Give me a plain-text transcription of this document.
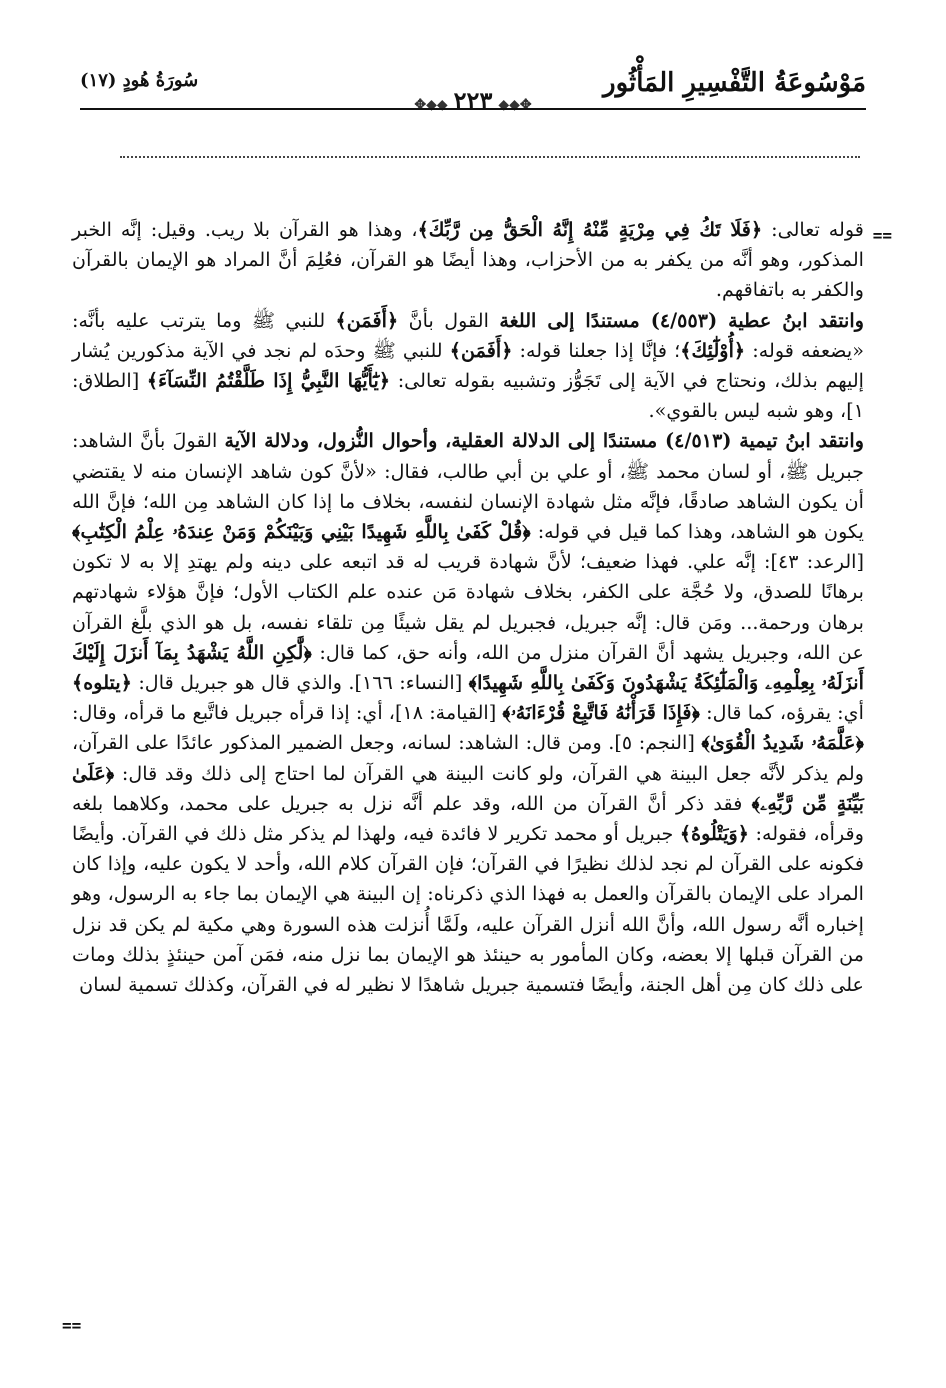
مَوْسُوعَةُ التَّفْسِيرِ المَأْثُور
✥◆◆٢٢٣◆◆✥
سُورَةُ هُودٍ (١٧)
==

قوله تعالى: ﴿فَلَا تَكُ فِي مِرْيَةٍ مِّنْهُ إِنَّهُ الْحَقُّ مِن رَّبِّكَ﴾، وهذا هو القرآن بلا ريب. وقيل: إنَّه الخبر المذكور، وهو أنَّه من يكفر به من الأحزاب، وهذا أيضًا هو القرآن، فعُلِمَ أنَّ المراد هو الإيمان بالقرآن والكفر به باتفاقهم.

وانتقد ابنُ عطية (٤/٥٥٣) مستندًا إلى اللغة القول بأنَّ ﴿أَفَمَن﴾ للنبي ﷺ وما يترتب عليه بأنَّه: «يضعفه قوله: ﴿أُوْلَٰٓئِكَ﴾؛ فإنَّا إذا جعلنا قوله: ﴿أَفَمَن﴾ للنبي ﷺ وحدَه لم نجد في الآية مذكورين يُشار إليهم بذلك، ونحتاج في الآية إلى تَجَوُّز وتشبيه بقوله تعالى: ﴿يَٰٓأَيُّهَا النَّبِيُّ إِذَا طَلَّقْتُمُ النِّسَآءَ﴾ [الطلاق: ١]، وهو شبه ليس بالقوي».

وانتقد ابنُ تيمية (٤/٥١٣) مستندًا إلى الدلالة العقلية، وأحوال النُّزول، ودلالة الآية القولَ بأنَّ الشاهد: جبريل ﷺ، أو لسان محمد ﷺ، أو علي بن أبي طالب، فقال: «لأنَّ كون شاهد الإنسان منه لا يقتضي أن يكون الشاهد صادقًا، فإنَّه مثل شهادة الإنسان لنفسه، بخلاف ما إذا كان الشاهد مِن الله؛ فإنَّ الله يكون هو الشاهد، وهذا كما قيل في قوله: ﴿قُلْ كَفَىٰ بِاللَّهِ شَهِيدًا بَيْنِي وَبَيْنَكُمْ وَمَنْ عِندَهُۥ عِلْمُ الْكِتَٰبِ﴾ [الرعد: ٤٣]: إنَّه علي. فهذا ضعيف؛ لأنَّ شهادة قريب له قد اتبعه على دينه ولم يهتدِ إلا به لا تكون برهانًا للصدق، ولا حُجَّة على الكفر، بخلاف شهادة مَن عنده علم الكتاب الأول؛ فإنَّ هؤلاء شهادتهم برهان ورحمة... ومَن قال: إنَّه جبريل، فجبريل لم يقل شيئًا مِن تلقاء نفسه، بل هو الذي بلَّغ القرآن عن الله، وجبريل يشهد أنَّ القرآن منزل من الله، وأنه حق، كما قال: ﴿لَّٰكِنِ اللَّهُ يَشْهَدُ بِمَآ أَنزَلَ إِلَيْكَ أَنزَلَهُۥ بِعِلْمِهِۦ وَالْمَلَٰٓئِكَةُ يَشْهَدُونَ وَكَفَىٰ بِاللَّهِ شَهِيدًا﴾ [النساء: ١٦٦]. والذي قال هو جبريل قال: ﴿يتلوه﴾ أي: يقرؤه، كما قال: ﴿فَإِذَا قَرَأْنَٰهُ فَاتَّبِعْ قُرْءَانَهُۥ﴾ [القيامة: ١٨]، أي: إذا قرأه جبريل فاتَّبع ما قرأه، وقال: ﴿عَلَّمَهُۥ شَدِيدُ الْقُوَىٰ﴾ [النجم: ٥]. ومن قال: الشاهد: لسانه، وجعل الضمير المذكور عائدًا على القرآن، ولم يذكر لأنَّه جعل البينة هي القرآن، ولو كانت البينة هي القرآن لما احتاج إلى ذلك وقد قال: ﴿عَلَىٰ بَيِّنَةٍ مِّن رَّبِّهِۦ﴾ فقد ذكر أنَّ القرآن من الله، وقد علم أنَّه نزل به جبريل على محمد، وكلاهما بلغه وقرأه، فقوله: ﴿وَيَتْلُوهُ﴾ جبريل أو محمد تكرير لا فائدة فيه، ولهذا لم يذكر مثل ذلك في القرآن. وأيضًا فكونه على القرآن لم نجد لذلك نظيرًا في القرآن؛ فإن القرآن كلام الله، وأحد لا يكون عليه، وإذا كان المراد على الإيمان بالقرآن والعمل به فهذا الذي ذكرناه: إن البينة هي الإيمان بما جاء به الرسول، وهو إخباره أنَّه رسول الله، وأنَّ الله أنزل القرآن عليه، ولَمَّا أُنزلت هذه السورة وهي مكية لم يكن قد نزل من القرآن قبلها إلا بعضه، وكان المأمور به حينئذ هو الإيمان بما نزل منه، فمَن آمن حينئذٍ بذلك ومات على ذلك كان مِن أهل الجنة، وأيضًا فتسمية جبريل شاهدًا لا نظير له في القرآن، وكذلك تسمية لسان

==
